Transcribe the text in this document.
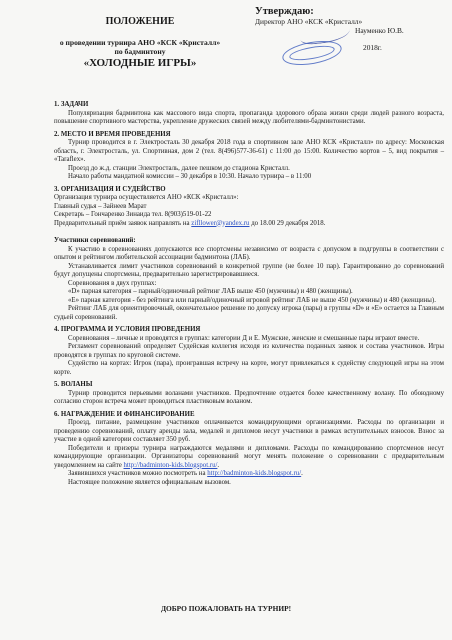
Утверждаю:
Директор АНО «КСК «Кристалл»
Науменко Ю.В.
2018г.
ПОЛОЖЕНИЕ
о проведении турнира АНО «КСК «Кристалл»
по бадминтону
«ХОЛОДНЫЕ ИГРЫ»

1. ЗАДАЧИ

Популяризация бадминтона как массового вида спорта, пропаганда здорового образа жизни среди людей разного возраста, повышение спортивного мастерства, укрепление дружеских связей между любителями-бадминтонистами.

2. МЕСТО И ВРЕМЯ ПРОВЕДЕНИЯ

Турнир проводится в г. Электросталь 30 декабря 2018 года в спортивном зале АНО КСК «Кристалл» по адресу: Московская область, г. Электросталь, ул. Спортивная, дом 2 (тел. 8(496)577-36-61) с 11:00 до 15:00. Количество кортов – 5, вид покрытия – «Taraflex».

Проезд до ж.д. станции Электросталь, далее пешком до стадиона Кристалл.

Начало работы мандатной комиссии – 30 декабря в 10:30. Начало турнира – в 11:00

3. ОРГАНИЗАЦИЯ И СУДЕЙСТВО

Организация турнира осуществляется АНО «КСК «Кристалл»:

Главный судья – Зайнеев Марат

Секретарь – Гончаренко Зинаида тел. 8(903)519-01-22

Предварительный приём заявок направлять на zifllower@yandex.ru до 18.00 29 декабря 2018.

Участники соревнований:

К участию в соревнованиях допускаются все спортсмены независимо от возраста с допуском в подгруппы в соответствии с опытом и рейтингом любительской ассоциации бадминтона (ЛАБ).

Устанавливается лимит участников соревнований в конкретной группе (не более 10 пар). Гарантированно до соревнований будут допущены спортсмены, предварительно зарегистрировавшиеся.

Соревнования в двух группах:

«D» парная категория – парный/одиночный рейтинг ЛАБ выше 450 (мужчины) и 480 (женщины).

«E» парная категория - без рейтинга или парный/одиночный игровой рейтинг ЛАБ не выше 450 (мужчины) и 480 (женщины).

Рейтинг ЛАБ для ориентировочный, окончательное решение по допуску игрока (пары) в группы «D» и «E» остается за Главным судьей соревнований.

4. ПРОГРАММА И УСЛОВИЯ ПРОВЕДЕНИЯ

Соревнования – личные и проводятся в группах: категории Д и Е. Мужские, женские и смешанные пары играют вместе.

Регламент соревнований определяет Судейская коллегия исходя из количества поданных заявок и состава участников. Игры проводятся в группах по круговой системе.

Судейство на кортах: Игрок (пара), проигравшая встречу на корте, могут привлекаться к судейству следующей игры на этом корте.

5. ВОЛАНЫ

Турнир проводится перьевыми воланами участников. Предпочтение отдается более качественному волану. По обоюдному согласию сторон встреча может проводиться пластиковым воланом.

6. НАГРАЖДЕНИЕ И ФИНАНСИРОВАНИЕ

Проезд, питание, размещение участников оплачивается командирующими организациями. Расходы по организации и проведению соревнований, оплату аренды зала, медалей и дипломов несут участники в рамках вступительных взносов. Взнос за участие в одной категории составляет 350 руб.

Победители и призеры турнира награждаются медалями и дипломами. Расходы по командированию спортсменов несут командирующие организации. Организаторы соревнований могут менять положение о соревновании с предварительным уведомлением на сайте http://badminton-kids.blogspot.ru/.

Заявившихся участников можно посмотреть на http://badminton-kids.blogspot.ru/.

Настоящее положение является официальным вызовом.

ДОБРО ПОЖАЛОВАТЬ НА ТУРНИР!
